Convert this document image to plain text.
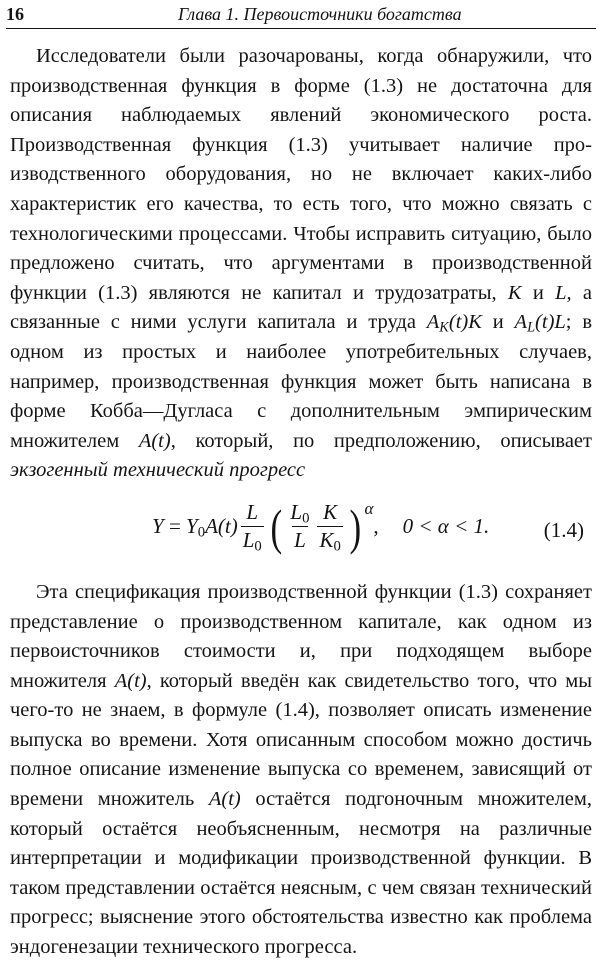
16	Глава 1. Первоисточники богатства

Исследователи были разочарованы, когда обнаружили, что производственная функция в форме (1.3) не достаточна для описания наблюдаемых явлений экономического роста. Производственная функция (1.3) учитывает наличие производственного оборудования, но не включает каких-либо характеристик его качества, то есть того, что можно связать с технологическими процессами. Чтобы исправить ситуацию, было предложено считать, что аргументами в производственной функции (1.3) являются не капитал и трудозатраты, K и L, а связанные с ними услуги капитала и труда $A_K(t)K$ и $A_L(t)L$; в одном из простых и наиболее употребительных случаев, например, производственная функция может быть написана в форме Кобба—Дугласа с дополнительным эмпирическим множителем A(t), который, по предположению, описывает экзогенный технический прогресс

$Y = Y_0$ $A(t) \frac{L}{L_0}$ ( $\frac{L_0}{L} \frac{K}{K_0}$ ) α
, 0 < α < 1.	(1.4)

Эта спецификация производственной функции (1.3) сохраняет представление о производственном капитале, как одном из первоисточников стоимости и, при подходящем выборе множителя A(t), который введён как свидетельство того, что мы чего-то не знаем, в формуле (1.4), позволяет описать изменение выпуска во времени. Хотя описанным способом можно достичь полное описание изменение выпуска со временем, зависящий от времени множитель A(t) остаётся подгоночным множителем, который остаётся необъясненным, несмотря на различные интерпретации и модификации производственной функции. В таком представлении остаётся неясным, с чем связан технический прогресс; выяснение этого обстоятельства известно как проблема эндогенезации технического прогресса.
